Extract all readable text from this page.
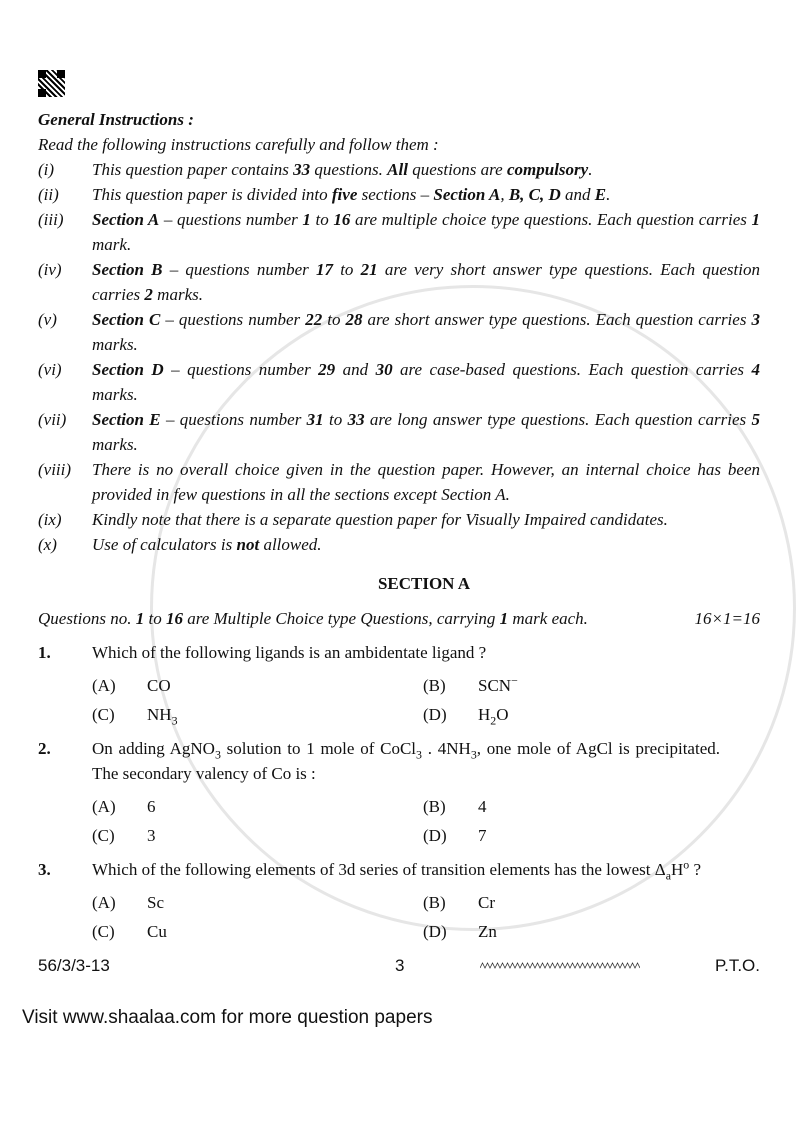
General Instructions :
Read the following instructions carefully and follow them :
(i)	This question paper contains 33 questions. All questions are compulsory.
(ii)	This question paper is divided into five sections – Section A, B, C, D and E.
(iii)	Section A – questions number 1 to 16 are multiple choice type questions. Each question carries 1 mark.
(iv)	Section B – questions number 17 to 21 are very short answer type questions. Each question carries 2 marks.
(v)	Section C – questions number 22 to 28 are short answer type questions. Each question carries 3 marks.
(vi)	Section D – questions number 29 and 30 are case-based questions. Each question carries 4 marks.
(vii)	Section E – questions number 31 to 33 are long answer type questions. Each question carries 5 marks.
(viii)	There is no overall choice given in the question paper. However, an internal choice has been provided in few questions in all the sections except Section A.
(ix)	Kindly note that there is a separate question paper for Visually Impaired candidates.
(x)	Use of calculators is not allowed.
SECTION A
Questions no. 1 to 16 are Multiple Choice type Questions, carrying 1 mark each.	16×1=16
1.	Which of the following ligands is an ambidentate ligand ?
(A)	CO	(B)	SCN−
(C)	$NH_3$	(D)	$H_2O$
2.	On adding AgNO$_3$ solution to 1 mole of CoCl$_3$ . $4NH_3$, one mole of AgCl is precipitated. The secondary valency of Co is :
(A)	6	(B)	4
(C)	3	(D)	7
3.	Which of the following elements of 3d series of transition elements has the lowest $\Delta_aH^o$ ?
(A)	Sc	(B)	Cr
(C)	Cu	(D)	Zn
56/3/3-13	3	P.T.O.
Visit www.shaalaa.com for more question papers
